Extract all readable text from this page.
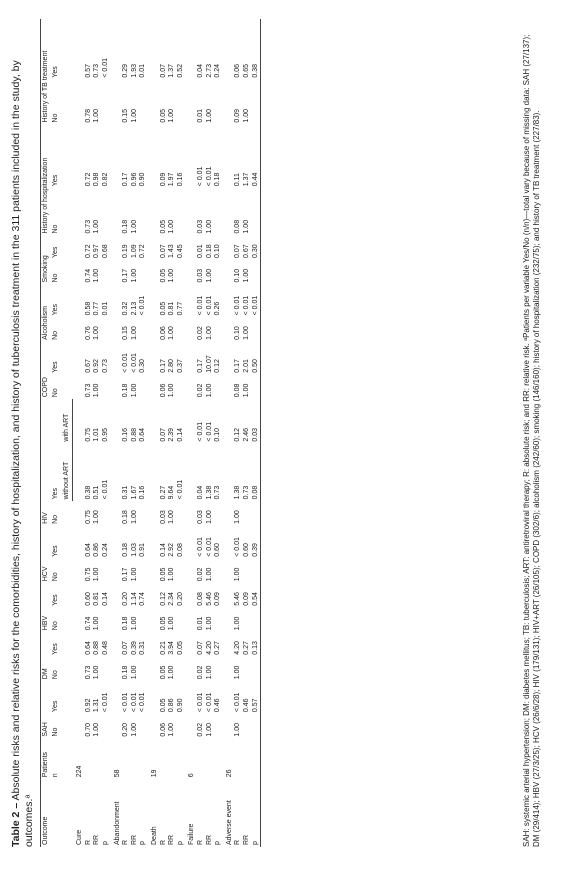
Table 2 – Absolute risks and relative risks for the comorbidities, history of hospitalization, and history of tuberculosis treatment in the 311 patients included in the study, by outcomes.ᵃ Outcome	Patients	SAH		DM		HBV		HCV		HIV			COPD		Alcoholism		Smoking		History of hospitalization		History of TB treatment	
	n	No	Yes	No	Yes	No	Yes	No	Yes	No	Yes		No	Yes	No	Yes	No	Yes	No	Yes	No	Yes
											without ART	with ART										
Cure	224																					
R		0.70	0.92	0.73	0.64	0.74	0.60	0.75	0.64	0.75	0.38	0.75	0.73	0.67	0.76	0.58	0.74	0.72	0.73	0.72	0.78	0.57
RR		1.00	1.31	1.00	0.88	1.00	0.81	1.00	0.86	1.00	0.51	1.01	1.00	0.92	1.00	0.77	1.00	0.97	1.00	0.98	1.00	0.73
p			< 0.01		0.48		0.14		0.24		< 0.01	0.95		0.73		0.01		0.68		0.82		< 0.01
Abandonment	58																					
R		0.20	< 0.01	0.18	0.07	0.18	0.20	0.17	0.18	0.18	0.31	0.16	0.18	< 0.01	0.15	0.32	0.17	0.19	0.18	0.17	0.15	0.29
RR		1.00	< 0.01	1.00	0.39	1.00	1.14	1.00	1.03	1.00	1.67	0.88	1.00	< 0.01	1.00	2.13	1.00	1.09	1.00	0.96	1.00	1.93
p			< 0.01		0.31		0.74		0.91		0.16	0.64		0.30		< 0.01		0.72		0.90		0.01
Death	19																					
R		0.06	0.05	0.05	0.21	0.05	0.12	0.05	0.14	0.03	0.27	0.07	0.06	0.17	0.06	0.05	0.05	0.07	0.05	0.09	0.05	0.07
RR		1.00	0.86	1.00	3.94	1.00	2.34	1.00	2.92	1.00	9.64	2.39	1.00	2.80	1.00	0.81	1.00	1.43	1.00	1.97	1.00	1.37
p			0.90		0.05		0.20		0.08		< 0.01	0.14		0.37		0.77		0.45		0.16		0.52
Failure	6																					
R		0.02	< 0.01	0.02	0.07	0.01	0.08	0.02	< 0.01	0.03	0.04	< 0.01	0.02	0.17	0.02	< 0.01	0.03	0.01	0.03	< 0.01	0.01	0.04
RR		1.00	< 0.01	1.00	4.20	1.00	5.46	1.00	< 0.01	1.00	1.38	< 0.01	1.00	10.07	1.00	< 0.01	1.00	0.18	1.00	< 0.01	1.00	2.73
p			0.46		0.27		0.09		0.60		0.73	0.10		0.12		0.26		0.10		0.18		0.24
Adverse event	26																					
R		1.00	< 0.01	1.00	4.20	1.00	5.46	1.00	< 0.01	1.00	1.38	0.12	0.08	0.17	0.10	< 0.01	0.10	0.07	0.08	0.11	0.09	0.06
RR			0.46		0.27		0.09		0.60		0.73	2.46	1.00	2.01	1.00	< 0.01	1.00	0.67	1.00	1.37	1.00	0.65
p			0.57		0.13		0.54		0.39		0.08	0.03		0.50		< 0.01		0.30		0.44		0.38	SAH: systemic arterial hypertension; DM: diabetes mellitus; TB: tuberculosis; ART: antiretroviral therapy; R: absolute risk; and RR: relative risk. ᵃPatients per variable Yes/No (n/n)—total vary because of missing data: SAH (27/137); DM (29/414); HBV (27/3/25); HCV (26/6/28); HIV (179/131); HIV+ART (26/105); COPD (302/6); alcoholism (242/60); smoking (146/160); history of hospitalization (232/75); and history of TB treatment (227/83).
